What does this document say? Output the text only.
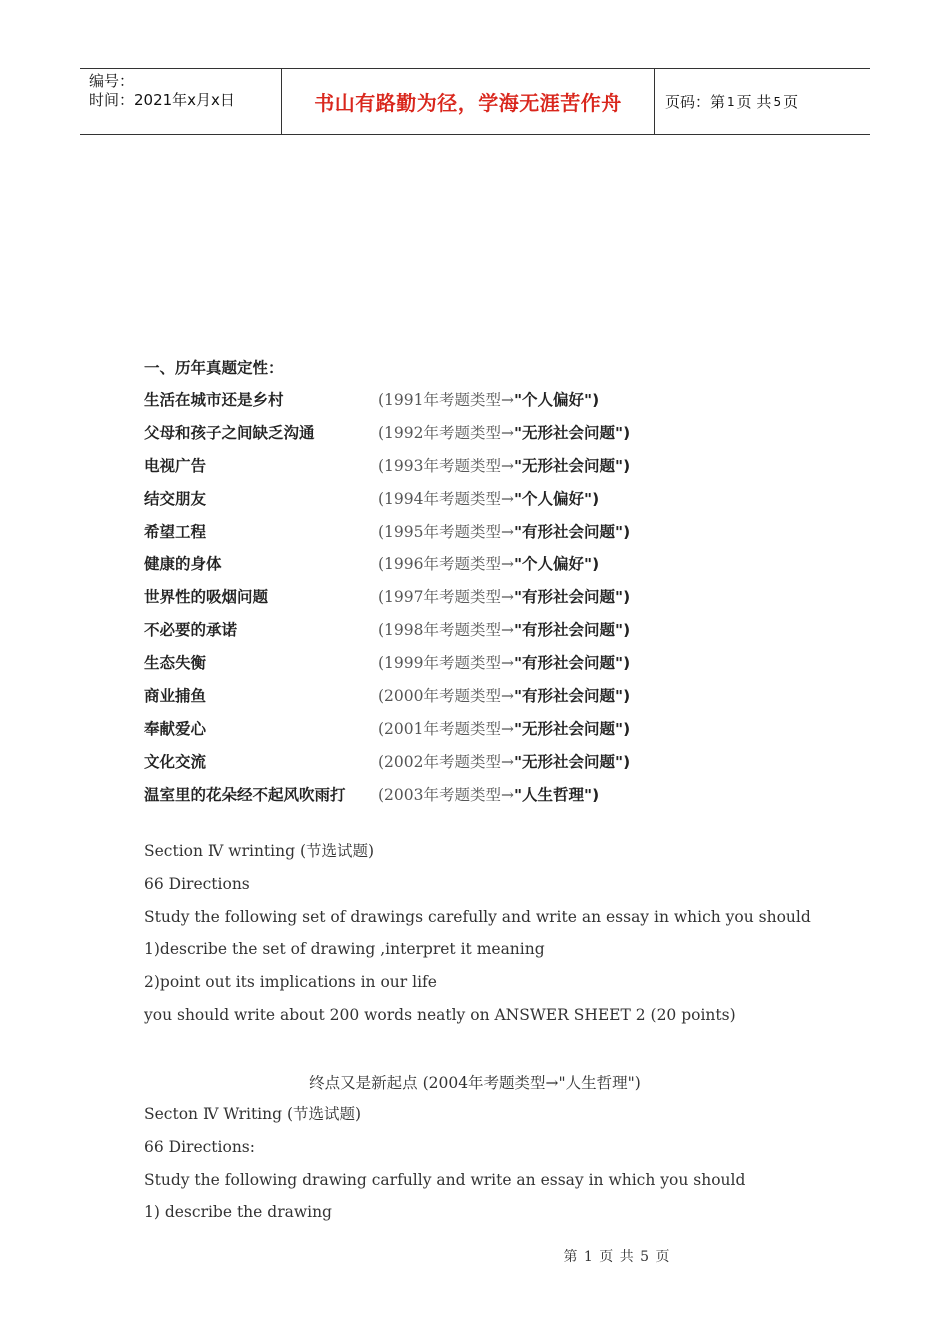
编号：
时间：2021年x月x日	书山有路勤为径，学海无涯苦作舟	页码：第 1 页 共 5 页
一、历年真题定性：
生活在城市还是乡村	(1991年考题类型→ "个人偏好")
父母和孩子之间缺乏沟通	(1992年考题类型→ "无形社会问题")
电视广告	(1993年考题类型→ "无形社会问题")
结交朋友	(1994年考题类型→ "个人偏好")
希望工程	(1995年考题类型→ "有形社会问题")
健康的身体	(1996年考题类型→ "个人偏好")
世界性的吸烟问题	(1997年考题类型→ "有形社会问题")
不必要的承诺	(1998年考题类型→ "有形社会问题")
生态失衡	(1999年考题类型→ "有形社会问题")
商业捕鱼	(2000年考题类型→ "有形社会问题")
奉献爱心	(2001年考题类型→ "无形社会问题")
文化交流	(2002年考题类型→ "无形社会问题")
温室里的花朵经不起风吹雨打	(2003年考题类型→ "人生哲理")
Section Ⅳ wrinting (节选试题)
66 Directions
Study the following set of drawings carefully and write an essay in which you should
1)describe the set of drawing ,interpret it meaning
2)point out its implications in our life
you should write about 200 words neatly on ANSWER SHEET 2 (20 points)
终点又是新起点 (2004年考题类型→"人生哲理")
Secton Ⅳ Writing (节选试题)
66 Directions:
Study the following drawing carfully and write an essay in which you should
1) describe the drawing
第 1 页 共 5 页
